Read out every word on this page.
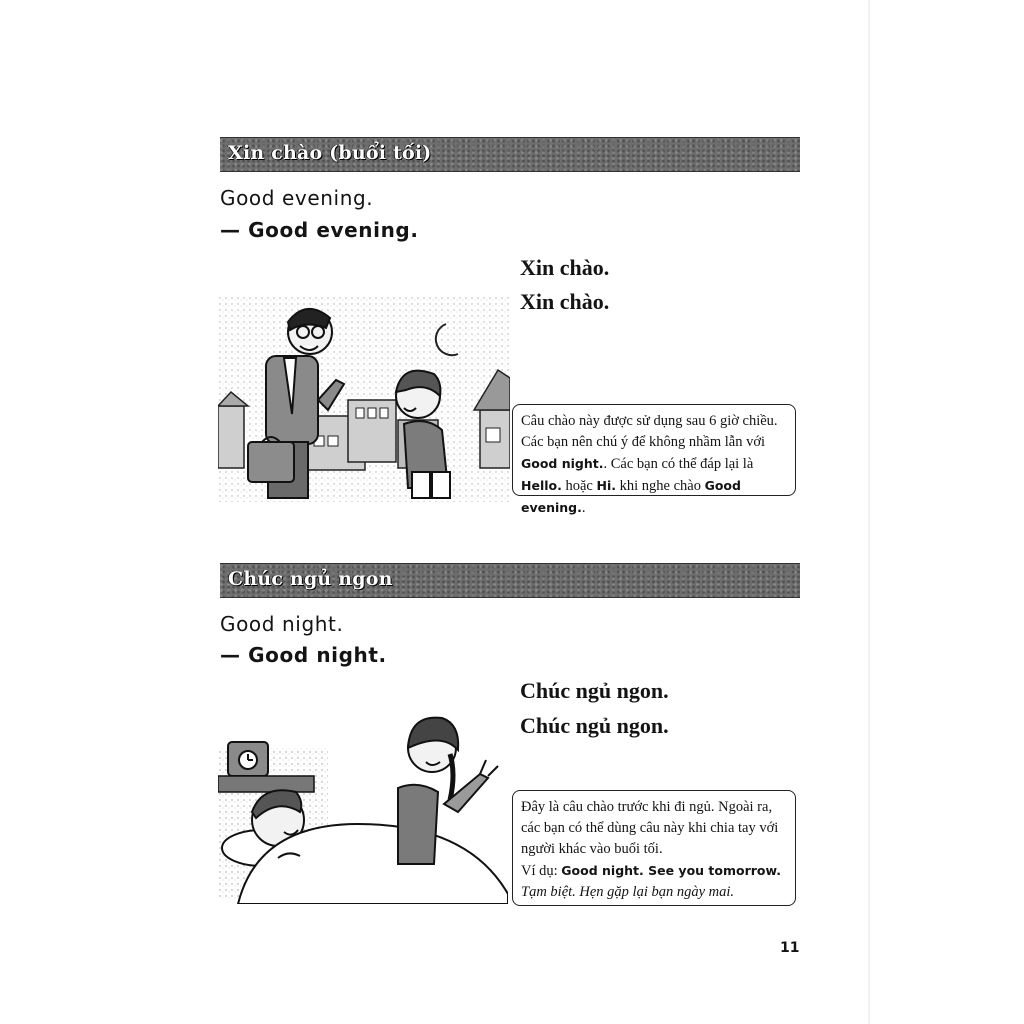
Xin chào (buổi tối)
Good evening.
— Good evening.
Xin chào.
Xin chào.
Câu chào này được sử dụng sau 6 giờ chiều. Các bạn nên chú ý để không nhầm lẫn với Good night.. Các bạn có thể đáp lại là Hello. hoặc Hi. khi nghe chào Good evening..
Chúc ngủ ngon
Good night.
— Good night.
Chúc ngủ ngon.
Chúc ngủ ngon.
Đây là câu chào trước khi đi ngủ. Ngoài ra, các bạn có thể dùng câu này khi chia tay với người khác vào buổi tối.
Ví dụ: Good night. See you tomorrow.
Tạm biệt. Hẹn gặp lại bạn ngày mai.
11
